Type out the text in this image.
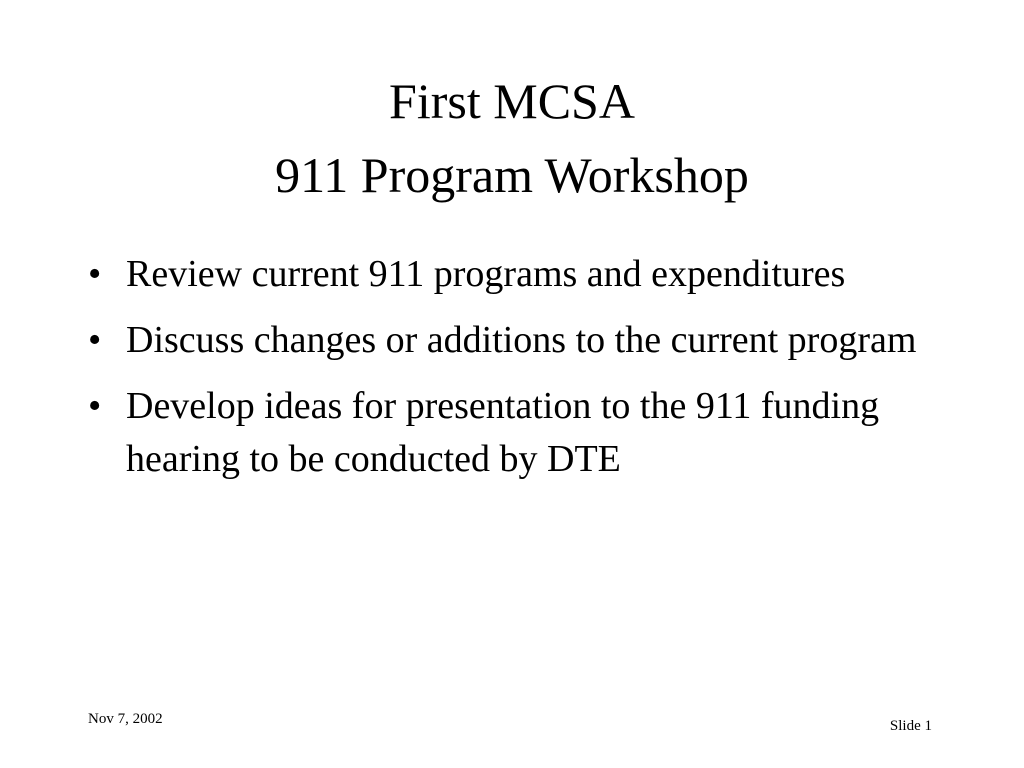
First MCSA
911 Program Workshop
• Review current 911 programs and expenditures
• Discuss changes or additions to the current program
• Develop ideas for presentation to the 911 funding hearing to be conducted by DTE
Nov 7, 2002	Slide 1
